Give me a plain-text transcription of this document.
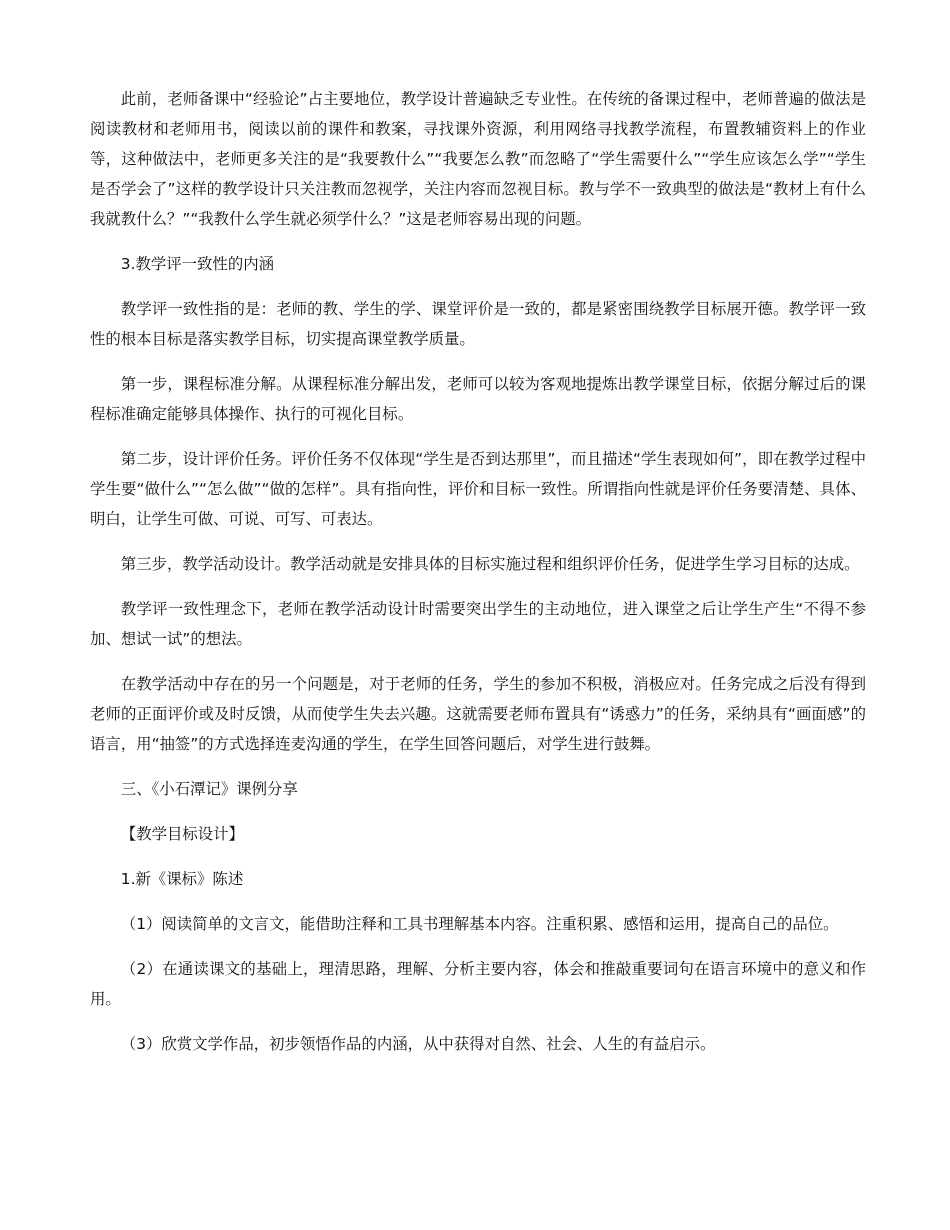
此前，老师备课中“经验论”占主要地位，教学设计普遍缺乏专业性。在传统的备课过程中，老师普遍的做法是阅读教材和老师用书，阅读以前的课件和教案，寻找课外资源，利用网络寻找教学流程，布置教辅资料上的作业等，这种做法中，老师更多关注的是“我要教什么”“我要怎么教”而忽略了“学生需要什么”“学生应该怎么学”“学生是否学会了”这样的教学设计只关注教而忽视学，关注内容而忽视目标。教与学不一致典型的做法是“教材上有什么我就教什么？”“我教什么学生就必须学什么？”这是老师容易出现的问题。

3.教学评一致性的内涵

教学评一致性指的是：老师的教、学生的学、课堂评价是一致的，都是紧密围绕教学目标展开德。教学评一致性的根本目标是落实教学目标，切实提高课堂教学质量。

第一步，课程标准分解。从课程标准分解出发，老师可以较为客观地提炼出教学课堂目标，依据分解过后的课程标准确定能够具体操作、执行的可视化目标。

第二步，设计评价任务。评价任务不仅体现“学生是否到达那里”，而且描述“学生表现如何”，即在教学过程中学生要“做什么”“怎么做”“做的怎样”。具有指向性，评价和目标一致性。所谓指向性就是评价任务要清楚、具体、明白，让学生可做、可说、可写、可表达。

第三步，教学活动设计。教学活动就是安排具体的目标实施过程和组织评价任务，促进学生学习目标的达成。

教学评一致性理念下，老师在教学活动设计时需要突出学生的主动地位，进入课堂之后让学生产生“不得不参加、想试一试”的想法。

在教学活动中存在的另一个问题是，对于老师的任务，学生的参加不积极，消极应对。任务完成之后没有得到老师的正面评价或及时反馈，从而使学生失去兴趣。这就需要老师布置具有“诱惑力”的任务，采纳具有“画面感”的语言，用“抽签”的方式选择连麦沟通的学生，在学生回答问题后，对学生进行鼓舞。

三、《小石潭记》课例分享

【教学目标设计】

1.新《课标》陈述

（1）阅读简单的文言文，能借助注释和工具书理解基本内容。注重积累、感悟和运用，提高自己的品位。

（2）在通读课文的基础上，理清思路，理解、分析主要内容，体会和推敲重要词句在语言环境中的意义和作用。

（3）欣赏文学作品，初步领悟作品的内涵，从中获得对自然、社会、人生的有益启示。
